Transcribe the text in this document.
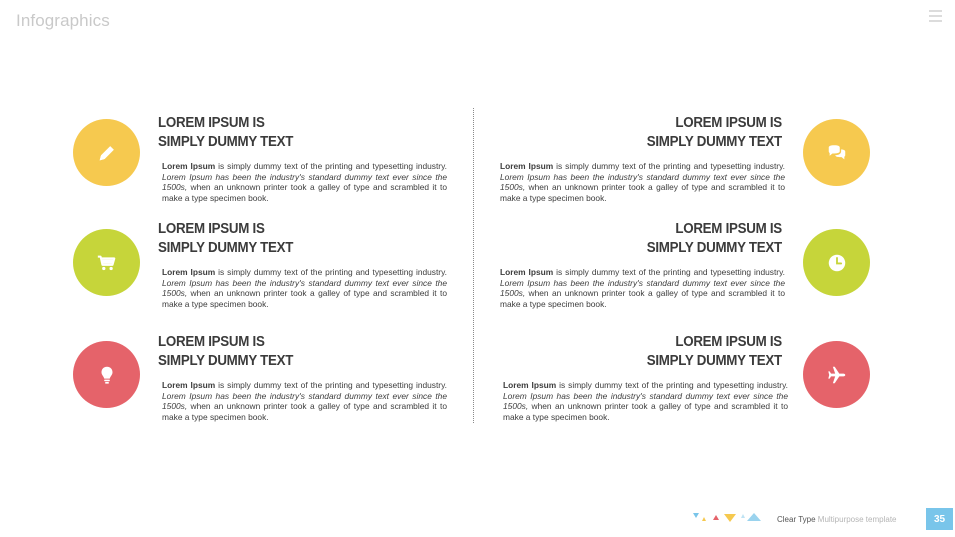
Infographics
LOREM IPSUM IS
SIMPLY DUMMY TEXT
Lorem Ipsum is simply dummy text of the printing and typesetting industry. Lorem Ipsum has been the industry's standard dummy text ever since the 1500s, when an unknown printer took a galley of type and scrambled it to make a type specimen book.
LOREM IPSUM IS
SIMPLY DUMMY TEXT
Lorem Ipsum is simply dummy text of the printing and typesetting industry. Lorem Ipsum has been the industry's standard dummy text ever since the 1500s, when an unknown printer took a galley of type and scrambled it to make a type specimen book.
LOREM IPSUM IS
SIMPLY DUMMY TEXT
Lorem Ipsum is simply dummy text of the printing and typesetting industry. Lorem Ipsum has been the industry's standard dummy text ever since the 1500s, when an unknown printer took a galley of type and scrambled it to make a type specimen book.
LOREM IPSUM IS
SIMPLY DUMMY TEXT
Lorem Ipsum is simply dummy text of the printing and typesetting industry. Lorem Ipsum has been the industry's standard dummy text ever since the 1500s, when an unknown printer took a galley of type and scrambled it to make a type specimen book.
LOREM IPSUM IS
SIMPLY DUMMY TEXT
Lorem Ipsum is simply dummy text of the printing and typesetting industry. Lorem Ipsum has been the industry's standard dummy text ever since the 1500s, when an unknown printer took a galley of type and scrambled it to make a type specimen book.
LOREM IPSUM IS
SIMPLY DUMMY TEXT
Lorem Ipsum is simply dummy text of the printing and typesetting industry. Lorem Ipsum has been the industry's standard dummy text ever since the 1500s, when an unknown printer took a galley of type and scrambled it to make a type specimen book.
Clear Type Multipurpose template	35
